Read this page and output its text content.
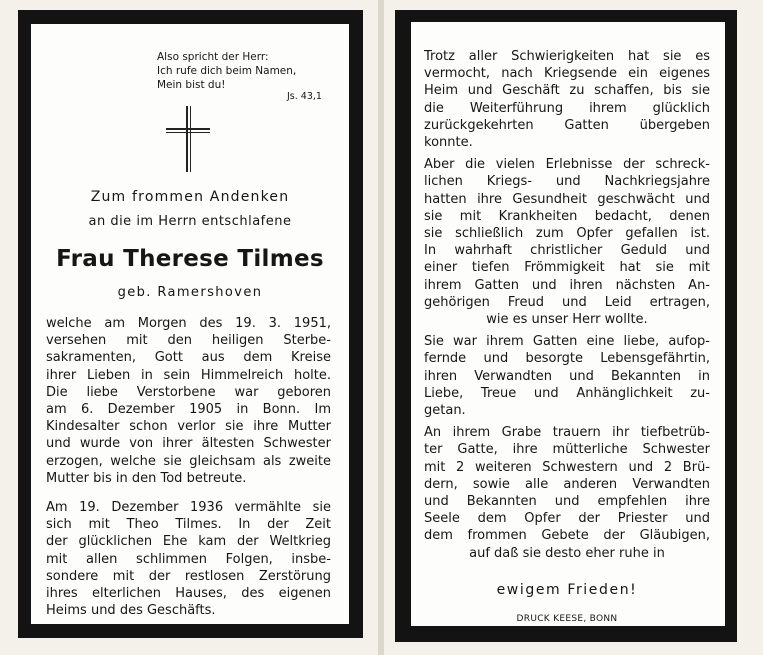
Also spricht der Herr:
Ich rufe dich beim Namen,
Mein bist du!
Js. 43,1
Zum frommen Andenken
an die im Herrn entschlafene
Frau Therese Tilmes
geb. Ramershoven
welche am Morgen des 19. 3. 1951,
versehen mit den heiligen Sterbe-
sakramenten, Gott aus dem Kreise
ihrer Lieben in sein Himmelreich holte.
Die liebe Verstorbene war geboren
am 6. Dezember 1905 in Bonn. Im
Kindesalter schon verlor sie ihre Mutter
und wurde von ihrer ältesten Schwester
erzogen, welche sie gleichsam als zweite
Mutter bis in den Tod betreute.
Am 19. Dezember 1936 vermählte sie
sich mit Theo Tilmes. In der Zeit
der glücklichen Ehe kam der Weltkrieg
mit allen schlimmen Folgen, insbe-
sondere mit der restlosen Zerstörung
ihres elterlichen Hauses, des eigenen
Heims und des Geschäfts.
Trotz aller Schwierigkeiten hat sie es
vermocht, nach Kriegsende ein eigenes
Heim und Geschäft zu schaffen, bis sie
die Weiterführung ihrem glücklich
zurückgekehrten Gatten übergeben
konnte.
Aber die vielen Erlebnisse der schreck-
lichen Kriegs- und Nachkriegsjahre
hatten ihre Gesundheit geschwächt und
sie mit Krankheiten bedacht, denen
sie schließlich zum Opfer gefallen ist.
In wahrhaft christlicher Geduld und
einer tiefen Frömmigkeit hat sie mit
ihrem Gatten und ihren nächsten An-
gehörigen Freud und Leid ertragen,
wie es unser Herr wollte.
Sie war ihrem Gatten eine liebe, aufop-
fernde und besorgte Lebensgefährtin,
ihren Verwandten und Bekannten in
Liebe, Treue und Anhänglichkeit zu-
getan.
An ihrem Grabe trauern ihr tiefbetrüb-
ter Gatte, ihre mütterliche Schwester
mit 2 weiteren Schwestern und 2 Brü-
dern, sowie alle anderen Verwandten
und Bekannten und empfehlen ihre
Seele dem Opfer der Priester und
dem frommen Gebete der Gläubigen,
auf daß sie desto eher ruhe in
ewigem Frieden!
DRUCK KEESE, BONN
